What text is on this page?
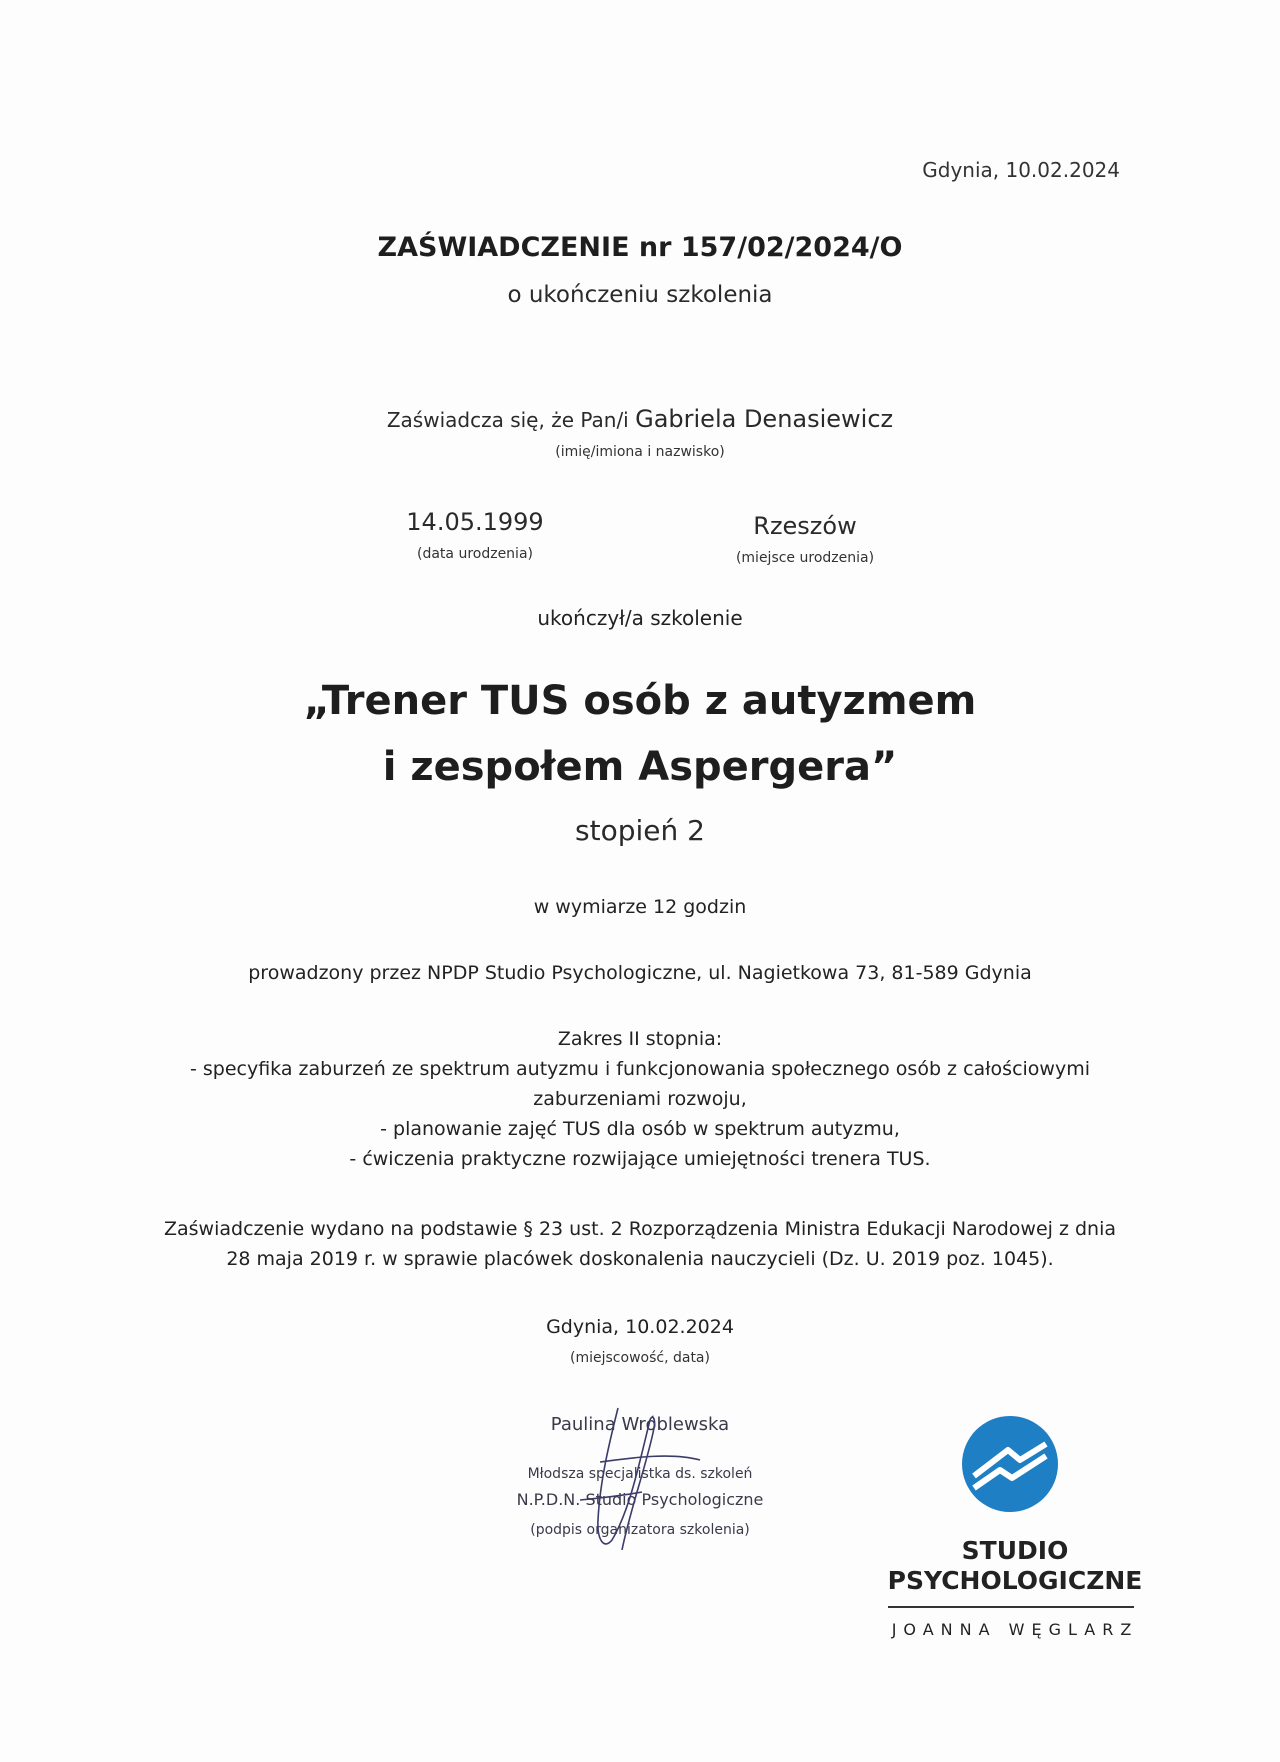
Gdynia, 10.02.2024
ZAŚWIADCZENIE nr 157/02/2024/O
o ukończeniu szkolenia
Zaświadcza się, że Pan/i Gabriela Denasiewicz
(imię/imiona i nazwisko)
14.05.1999
(data urodzenia)
Rzeszów
(miejsce urodzenia)
ukończył/a szkolenie
„Trener TUS osób z autyzmem
i zespołem Aspergera”
stopień 2
w wymiarze 12 godzin
prowadzony przez NPDP Studio Psychologiczne, ul. Nagietkowa 73, 81-589 Gdynia
Zakres II stopnia:
- specyfika zaburzeń ze spektrum autyzmu i funkcjonowania społecznego osób z całościowymi
zaburzeniami rozwoju,
- planowanie zajęć TUS dla osób w spektrum autyzmu,
- ćwiczenia praktyczne rozwijające umiejętności trenera TUS.
Zaświadczenie wydano na podstawie § 23 ust. 2 Rozporządzenia Ministra Edukacji Narodowej z dnia
28 maja 2019 r. w sprawie placówek doskonalenia nauczycieli (Dz. U. 2019 poz. 1045).
Gdynia, 10.02.2024
(miejscowość, data)
Paulina Wróblewska
Młodsza specjalistka ds. szkoleń
N.P.D.N. Studio Psychologiczne
(podpis organizatora szkolenia)
STUDIO
PSYCHOLOGICZNE
JOANNA WĘGLARZ
